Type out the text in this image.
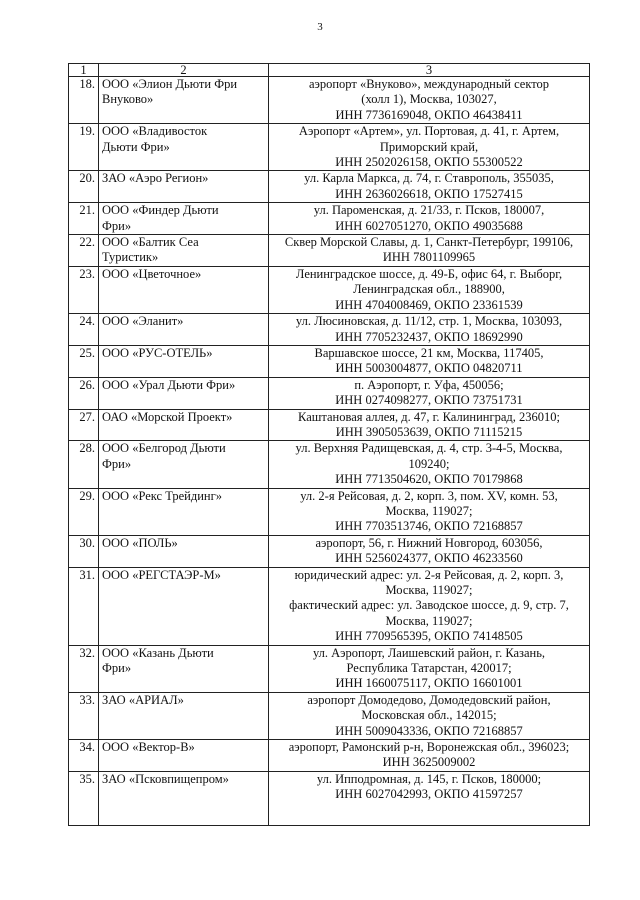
3
1	2	3
18.	ООО «Элион Дьюти Фри
Внуково»	аэропорт «Внуково», международный сектор
(холл 1), Москва, 103027,
ИНН 7736169048, ОКПО 46438411

19.	ООО «Владивосток
Дьюти Фри»	Аэропорт «Артем», ул. Портовая, д. 41, г. Артем,
Приморский край,
ИНН 2502026158, ОКПО 55300522

20.	ЗАО «Аэро Регион»	ул. Карла Маркса, д. 74, г. Ставрополь, 355035,
ИНН 2636026618, ОКПО 17527415

21.	ООО «Финдер Дьюти
Фри»	ул. Пароменская, д. 21/33, г. Псков, 180007,
ИНН 6027051270, ОКПО 49035688

22.	ООО «Балтик Сеа
Туристик»	Сквер Морской Славы, д. 1, Санкт-Петербург, 199106,
ИНН 7801109965

23.	ООО «Цветочное»	Ленинградское шоссе, д. 49-Б, офис 64, г. Выборг,
Ленинградская обл., 188900,
ИНН 4704008469, ОКПО 23361539

24.	ООО «Эланит»	ул. Люсиновская, д. 11/12, стр. 1, Москва, 103093,
ИНН 7705232437, ОКПО 18692990

25.	ООО «РУС-ОТЕЛЬ»	Варшавское шоссе, 21 км, Москва, 117405,
ИНН 5003004877, ОКПО 04820711

26.	ООО «Урал Дьюти Фри»	п. Аэропорт, г. Уфа, 450056;
ИНН 0274098277, ОКПО 73751731

27.	ОАО «Морской Проект»	Каштановая аллея, д. 47, г. Калининград, 236010;
ИНН 3905053639, ОКПО 71115215

28.	ООО «Белгород Дьюти
Фри»	ул. Верхняя Радищевская, д. 4, стр. 3-4-5, Москва,
109240;
ИНН 7713504620, ОКПО 70179868

29.	ООО «Рекс Трейдинг»	ул. 2-я Рейсовая, д. 2, корп. 3, пом. XV, комн. 53,
Москва, 119027;
ИНН 7703513746, ОКПО 72168857

30.	ООО «ПОЛЬ»	аэропорт, 56, г. Нижний Новгород, 603056,
ИНН 5256024377, ОКПО 46233560

31.	ООО «РЕГСТАЭР-М»	юридический адрес: ул. 2-я Рейсовая, д. 2, корп. 3,
Москва, 119027;
фактический адрес: ул. Заводское шоссе, д. 9, стр. 7,
Москва, 119027;
ИНН 7709565395, ОКПО 74148505

32.	ООО «Казань Дьюти
Фри»	ул. Аэропорт, Лаишевский район, г. Казань,
Республика Татарстан, 420017;
ИНН 1660075117, ОКПО 16601001

33.	ЗАО «АРИАЛ»	аэропорт Домодедово, Домодедовский район,
Московская обл., 142015;
ИНН 5009043336, ОКПО 72168857

34.	ООО «Вектор-В»	аэропорт, Рамонский р-н, Воронежская обл., 396023;
ИНН 3625009002

35.	ЗАО «Псковпищепром»	ул. Ипподромная, д. 145, г. Псков, 180000;
ИНН 6027042993, ОКПО 41597257
